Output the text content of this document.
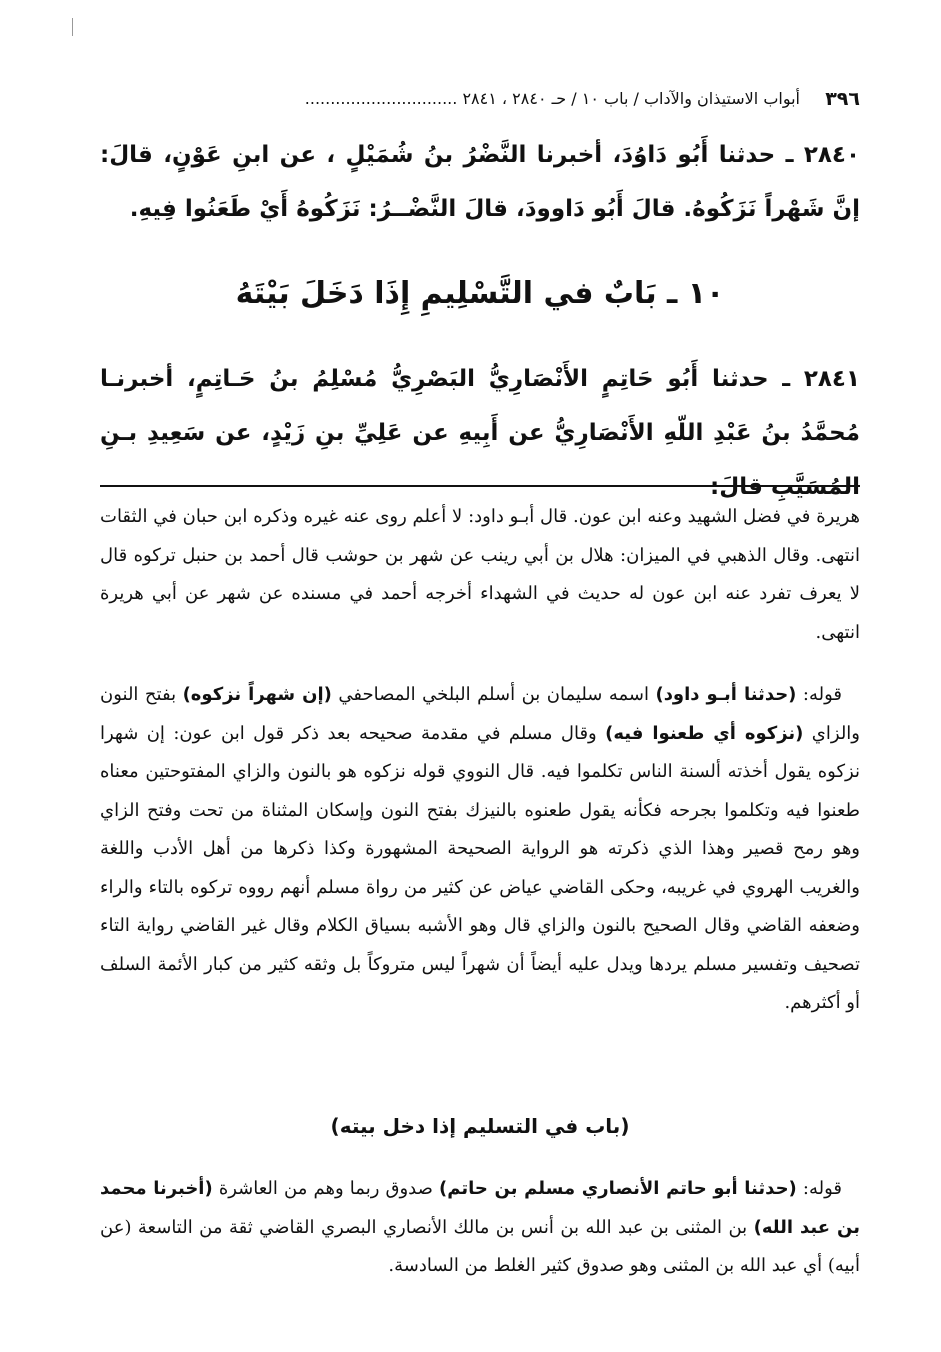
٣٩٦
أبواب الاستيذان والآداب / باب ١٠ / حـ ٢٨٤٠ ، ٢٨٤١ ..............................

٢٨٤٠ ـ حدثنا أَبُو دَاوُدَ، أخبرنا النَّضْرُ بنُ شُمَيْلٍ ، عن ابنِ عَوْنٍ، قالَ: إنَّ شَهْراً نَزَكُوهُ. قالَ أَبُو دَاوودَ، قالَ النَّضْــرُ: نَزَكُوهُ أَيْ طَعَنُوا فِيهِ.

١٠ ـ بَابٌ في التَّسْلِيمِ إِذَا دَخَلَ بَيْتَهُ

٢٨٤١ ـ حدثنا أَبُو حَاتِمٍ الأَنْصَارِيُّ البَصْرِيُّ مُسْلِمُ بنُ حَـاتِمٍ، أخبرنـا مُحمَّدُ بنُ عَبْدِ اللّهِ الأَنْصَارِيُّ عن أَبِيهِ عن عَلِيِّ بنِ زَيْدٍ، عن سَعِيدِ بـنِ المُسَيَّبِ قالَ:

هريرة في فضل الشهيد وعنه ابن عون. قال أبـو داود: لا أعلم روى عنه غيره وذكره ابن حبان في الثقات انتهى. وقال الذهبي في الميزان: هلال بن أبي رينب عن شهر بن حوشب قال أحمد بن حنبل تركوه قال لا يعرف تفرد عنه ابن عون له حديث في الشهداء أخرجه أحمد في مسنده عن شهر عن أبي هريرة انتهى.

 قوله: (حدثنا أبـو داود) اسمه سليمان بن أسلم البلخي المصاحفي (إن شهراً نزكوه) بفتح النون والزاي (نزكوه أي طعنوا فيه) وقال مسلم في مقدمة صحيحه بعد ذكر قول ابن عون: إن شهرا نزكوه يقول أخذته ألسنة الناس تكلموا فيه. قال النووي قوله نزكوه هو بالنون والزاي المفتوحتين معناه طعنوا فيه وتكلموا بجرحه فكأنه يقول طعنوه بالنيزك بفتح النون وإسكان المثناة من تحت وفتح الزاي وهو رمح قصير وهذا الذي ذكرته هو الرواية الصحيحة المشهورة وكذا ذكرها من أهل الأدب واللغة والغريب الهروي في غريبه، وحكى القاضي عياض عن كثير من رواة مسلم أنهم رووه تركوه بالتاء والراء وضعفه القاضي وقال الصحيح بالنون والزاي قال وهو الأشبه بسياق الكلام وقال غير القاضي رواية التاء تصحيف وتفسير مسلم يردها ويدل عليه أيضاً أن شهراً ليس متروكاً بل وثقه كثير من كبار الأئمة السلف أو أكثرهم.

(باب في التسليم إذا دخل بيته)

 قوله: (حدثنا أبو حاتم الأنصاري مسلم بن حاتم) صدوق ربما وهم من العاشرة (أخبرنا محمد بن عبد الله) بن المثنى بن عبد الله بن أنس بن مالك الأنصاري البصري القاضي ثقة من التاسعة (عن أبيه) أي عبد الله بن المثنى وهو صدوق كثير الغلط من السادسة.
